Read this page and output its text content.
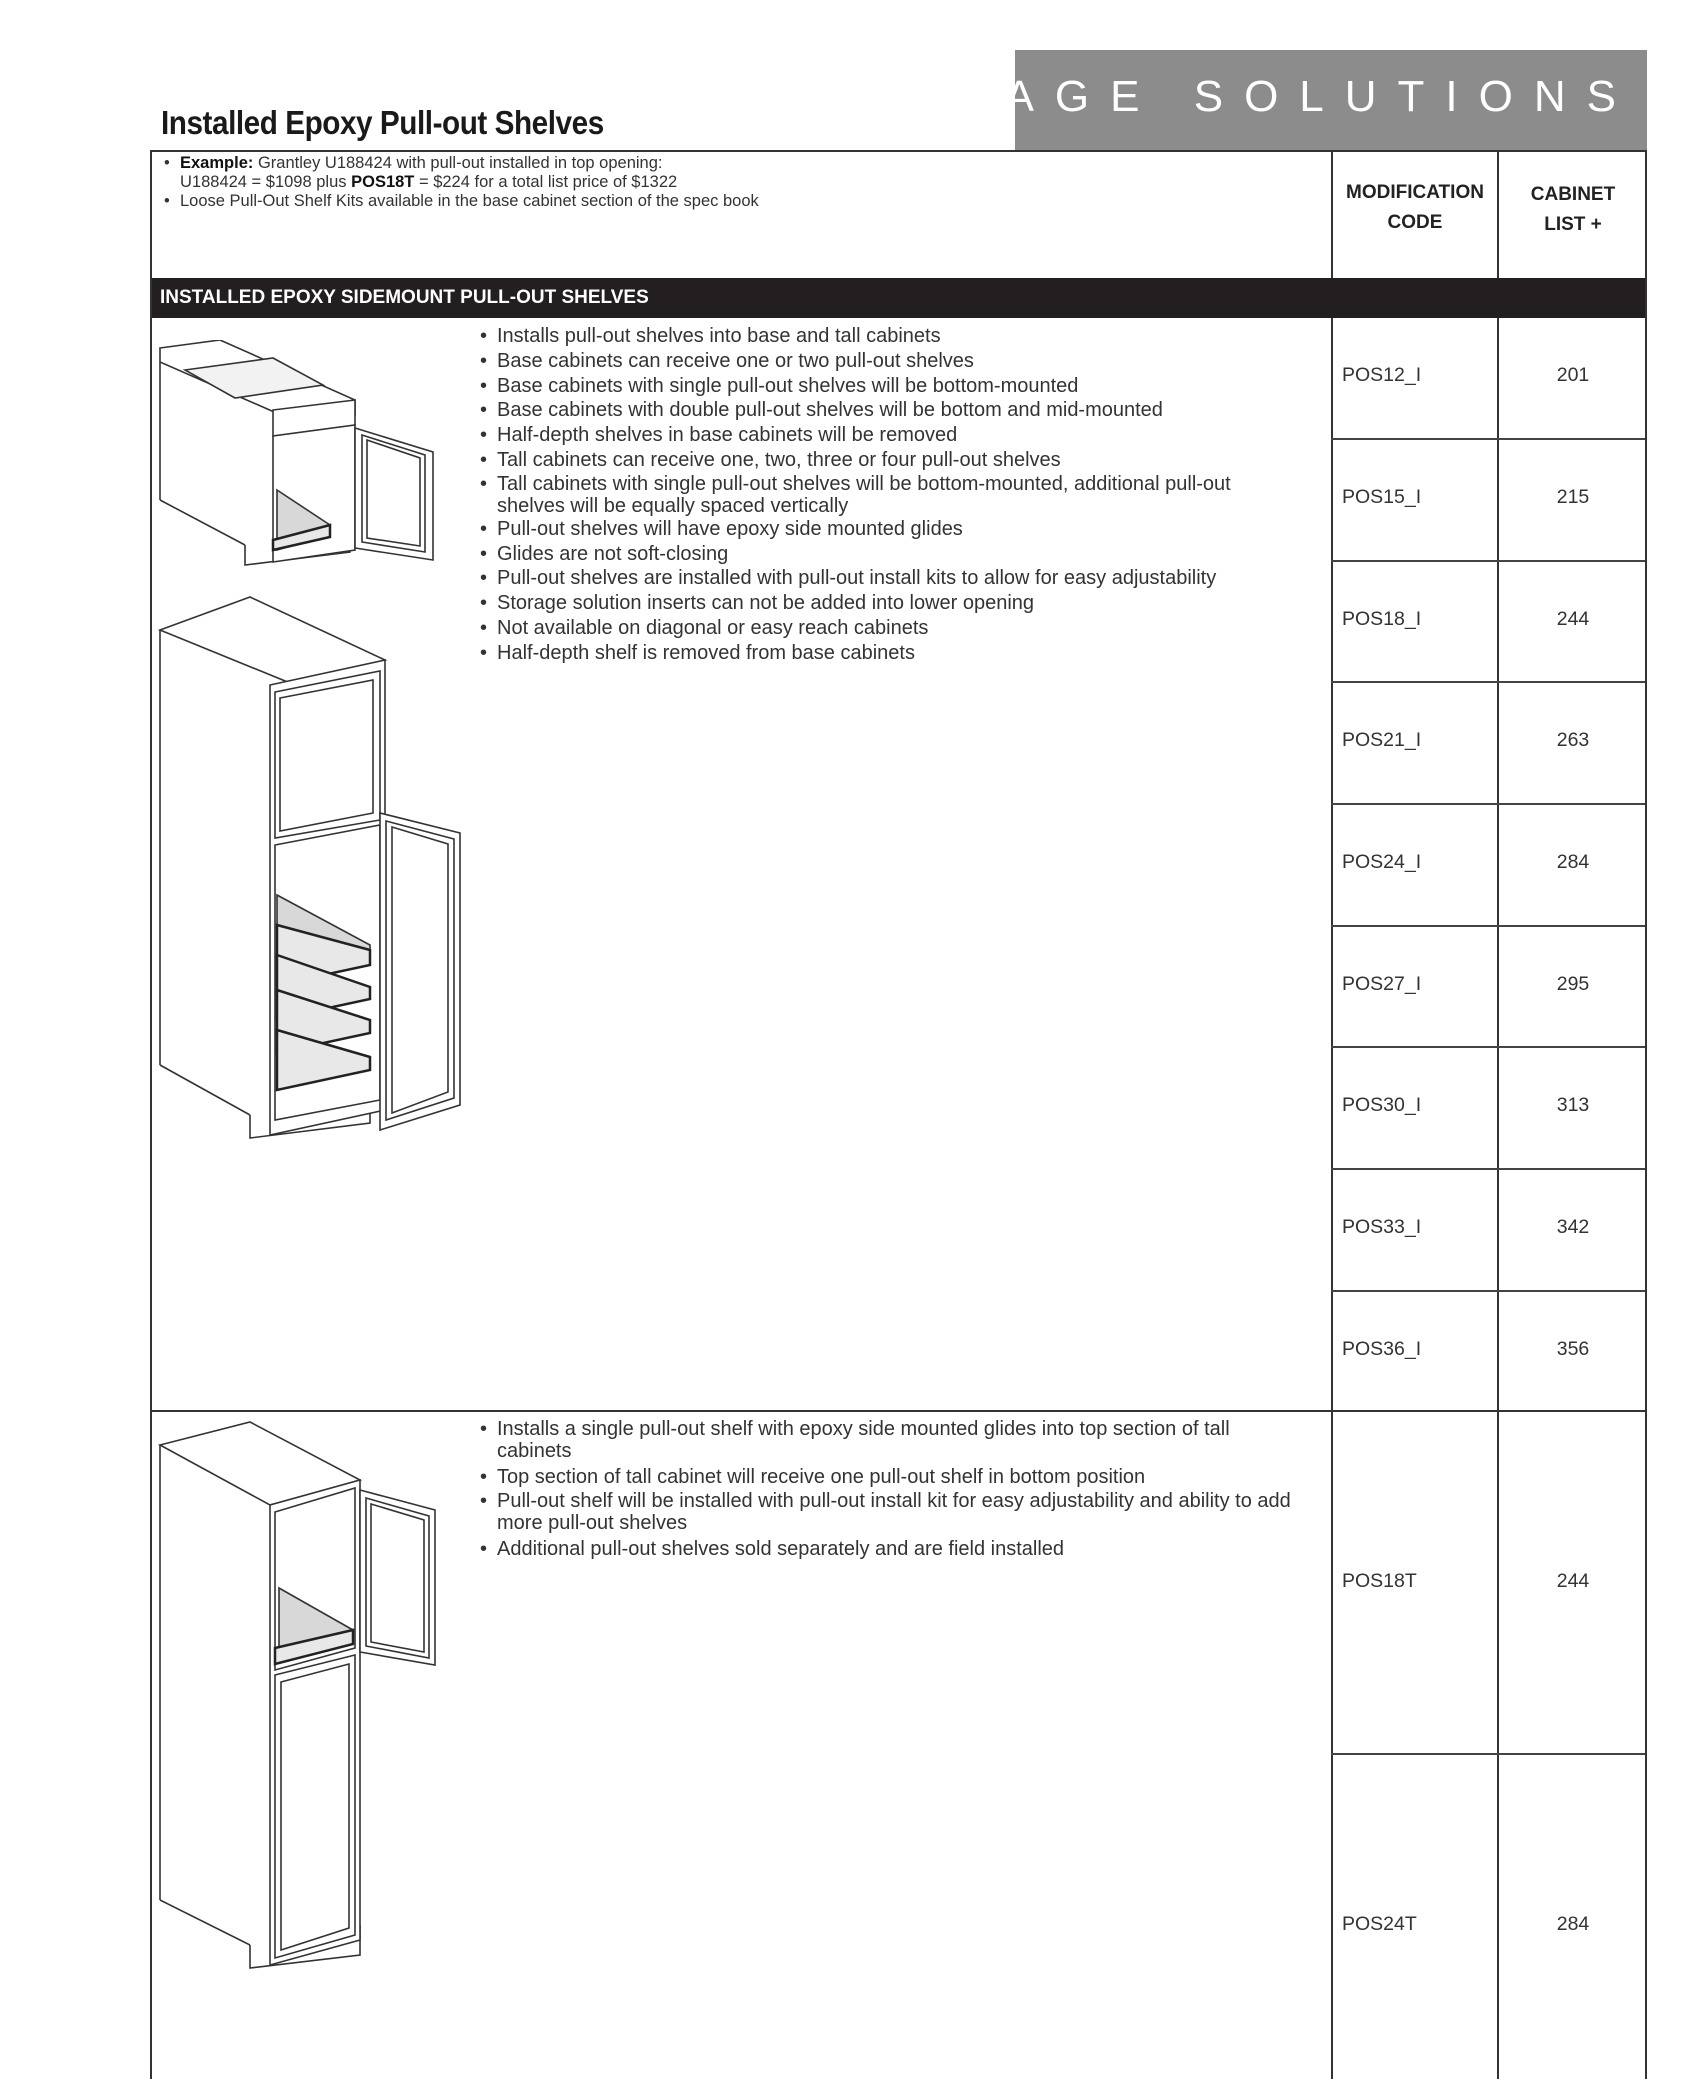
STORAGE SOLUTIONS
Installed Epoxy Pull-out Shelves
• Example: Grantley U188424 with pull-out installed in top opening:
U188424 = $1098 plus POS18T = $224 for a total list price of $1322
• Loose Pull-Out Shelf Kits available in the base cabinet section of the spec book	MODIFICATION
CODE
CABINET
LIST +
INSTALLED EPOXY SIDEMOUNT PULL-OUT SHELVES
• Installs pull-out shelves into base and tall cabinets
• Base cabinets can receive one or two pull-out shelves
• Base cabinets with single pull-out shelves will be bottom-mounted
• Base cabinets with double pull-out shelves will be bottom and mid-mounted
• Half-depth shelves in base cabinets will be removed
• Tall cabinets can receive one, two, three or four pull-out shelves
• Tall cabinets with single pull-out shelves will be bottom-mounted, additional pull-out shelves will be equally spaced vertically
• Pull-out shelves will have epoxy side mounted glides
• Glides are not soft-closing
• Pull-out shelves are installed with pull-out install kits to allow for easy adjustability
• Storage solution inserts can not be added into lower opening
• Not available on diagonal or easy reach cabinets
• Half-depth shelf is removed from base cabinets
POS12_I	201
POS15_I	215
POS18_I	244
POS21_I	263
POS24_I	284
POS27_I	295
POS30_I	313
POS33_I	342
POS36_I	356
• Installs a single pull-out shelf with epoxy side mounted glides into top section of tall cabinets
• Top section of tall cabinet will receive one pull-out shelf in bottom position
• Pull-out shelf will be installed with pull-out install kit for easy adjustability and ability to add more pull-out shelves
• Additional pull-out shelves sold separately and are field installed
POS18T	244
POS24T	284
